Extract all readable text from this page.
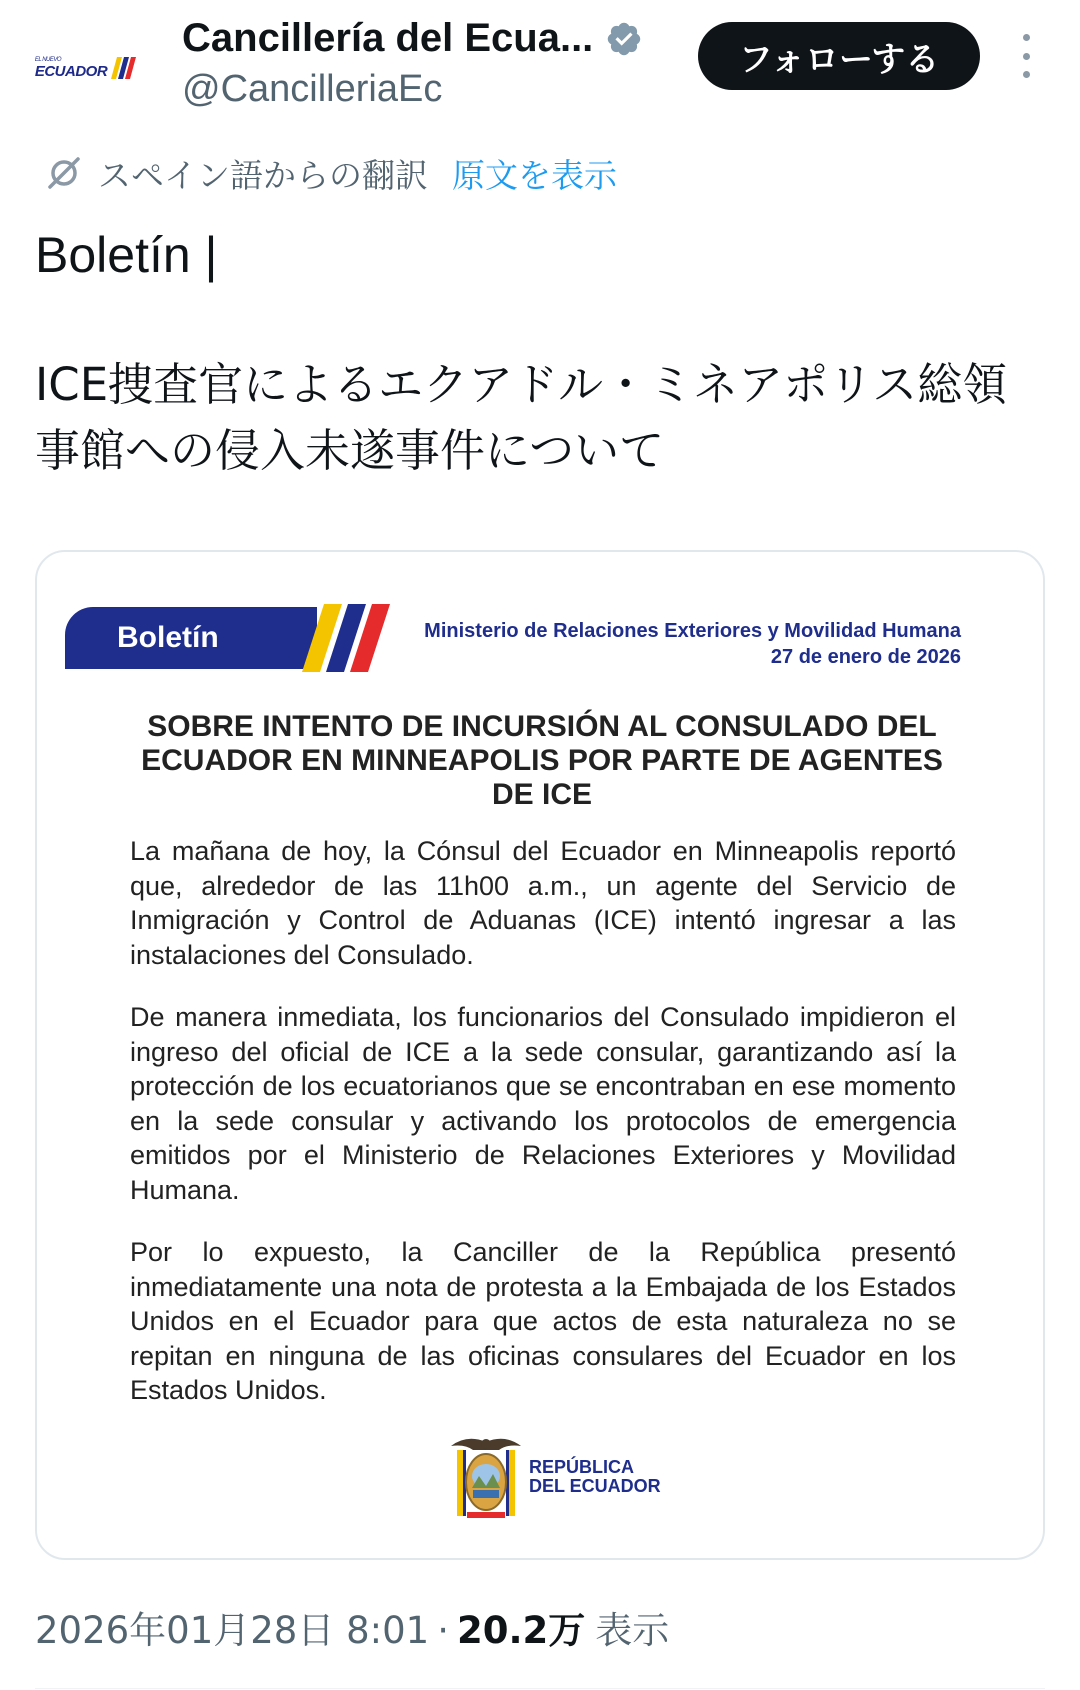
EL NUEVO
ECUADOR
Cancillería del Ecua...
@CancilleriaEc
フォローする
スペイン語からの翻訳 原文を表示

Boletín |

ICE捜査官によるエクアドル・ミネアポリス総領事館への侵入未遂事件について

Boletín	Ministerio de Relaciones Exteriores y Movilidad Humana
27 de enero de 2026
SOBRE INTENTO DE INCURSIÓN AL CONSULADO DEL ECUADOR EN MINNEAPOLIS POR PARTE DE AGENTES DE ICE

La mañana de hoy, la Cónsul del Ecuador en Minneapolis reportó que, alrededor de las 11h00 a.m., un agente del Servicio de Inmigración y Control de Aduanas (ICE) intentó ingresar a las instalaciones del Consulado.

De manera inmediata, los funcionarios del Consulado impidieron el ingreso del oficial de ICE a la sede consular, garantizando así la protección de los ecuatorianos que se encontraban en ese momento en la sede consular y activando los protocolos de emergencia emitidos por el Ministerio de Relaciones Exteriores y Movilidad Humana.

Por lo expuesto, la Canciller de la República presentó inmediatamente una nota de protesta a la Embajada de los Estados Unidos en el Ecuador para que actos de esta naturaleza no se repitan en ninguna de las oficinas consulares del Ecuador en los Estados Unidos.

REPÚBLICA
DEL ECUADOR
2026年01月28日 8:01 · 20.2万 表示
